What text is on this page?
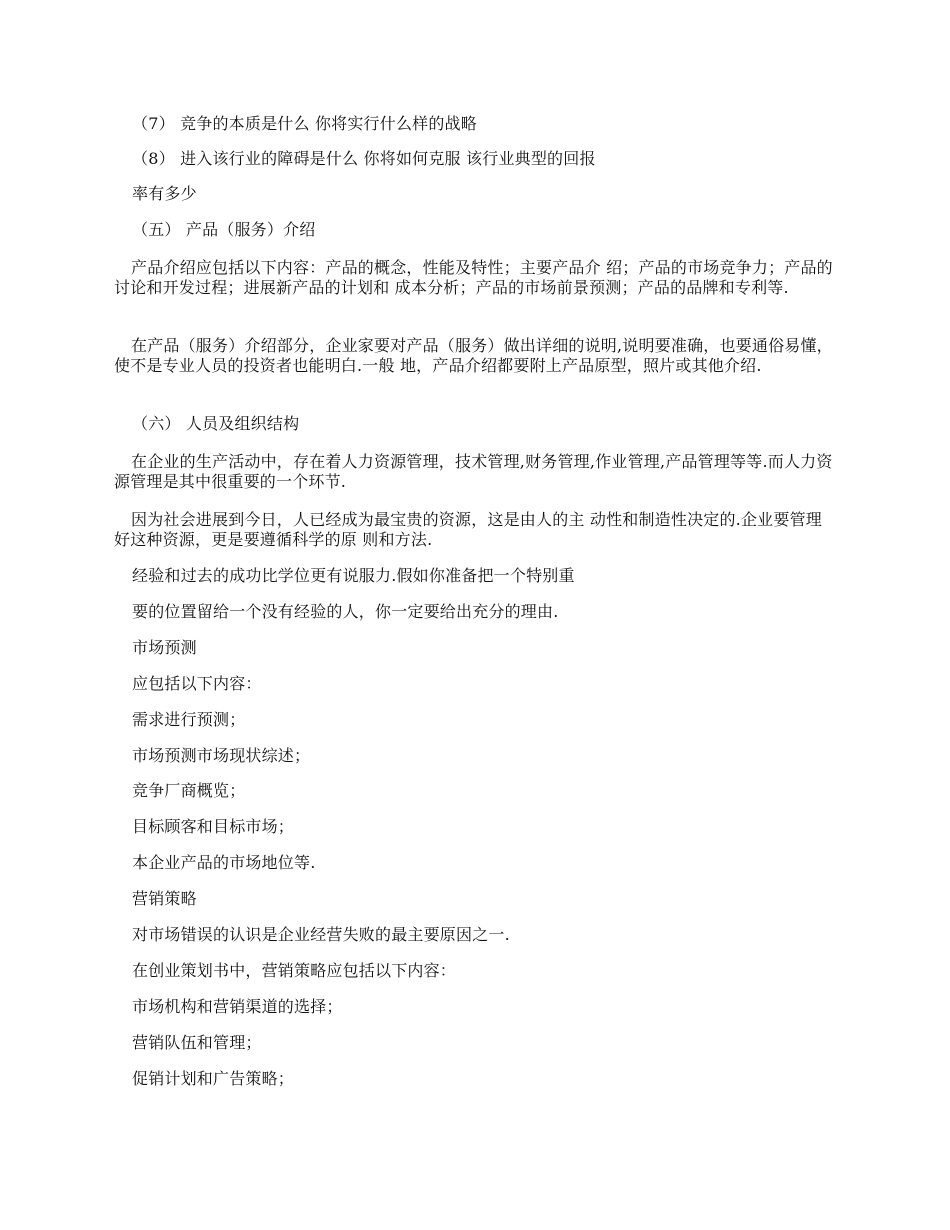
（7） 竞争的本质是什么 你将实行什么样的战略
（8） 进入该行业的障碍是什么 你将如何克服 该行业典型的回报
率有多少
（五） 产品（服务）介绍
产品介绍应包括以下内容：产品的概念，性能及特性；主要产品介 绍；产品的市场竞争力；产品的讨论和开发过程；进展新产品的计划和 成本分析；产品的市场前景预测；产品的品牌和专利等.
在产品（服务）介绍部分，企业家要对产品（服务）做出详细的说明,说明要准确，也要通俗易懂，使不是专业人员的投资者也能明白.一般 地，产品介绍都要附上产品原型，照片或其他介绍.
（六） 人员及组织结构
在企业的生产活动中，存在着人力资源管理，技术管理,财务管理,作业管理,产品管理等等.而人力资源管理是其中很重要的一个环节.
因为社会进展到今日，人已经成为最宝贵的资源，这是由人的主 动性和制造性决定的.企业要管理好这种资源，更是要遵循科学的原 则和方法.
经验和过去的成功比学位更有说服力.假如你准备把一个特别重
要的位置留给一个没有经验的人，你一定要给出充分的理由.
市场预测
应包括以下内容：
需求进行预测；
市场预测市场现状综述；
竞争厂商概览；
目标顾客和目标市场；
本企业产品的市场地位等.
营销策略
对市场错误的认识是企业经营失败的最主要原因之一.
在创业策划书中，营销策略应包括以下内容：
市场机构和营销渠道的选择；
营销队伍和管理；
促销计划和广告策略；
